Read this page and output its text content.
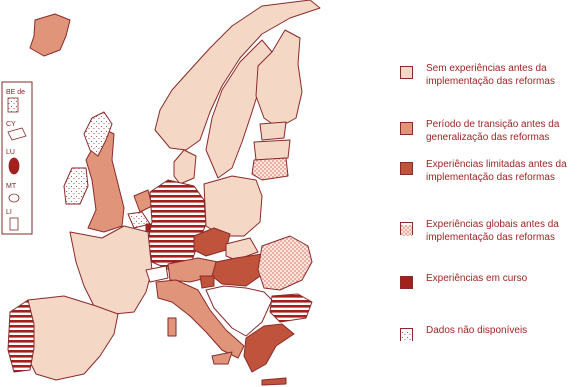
BE de
CY
LU
MT
LI
Sem experiências antes da implementação das reformas
Período de transição antes da generalização das reformas
Experiências limitadas antes da implementação das reformas
Experiências globais antes da implementação das reformas
Experiências em curso
Dados não disponíveis
